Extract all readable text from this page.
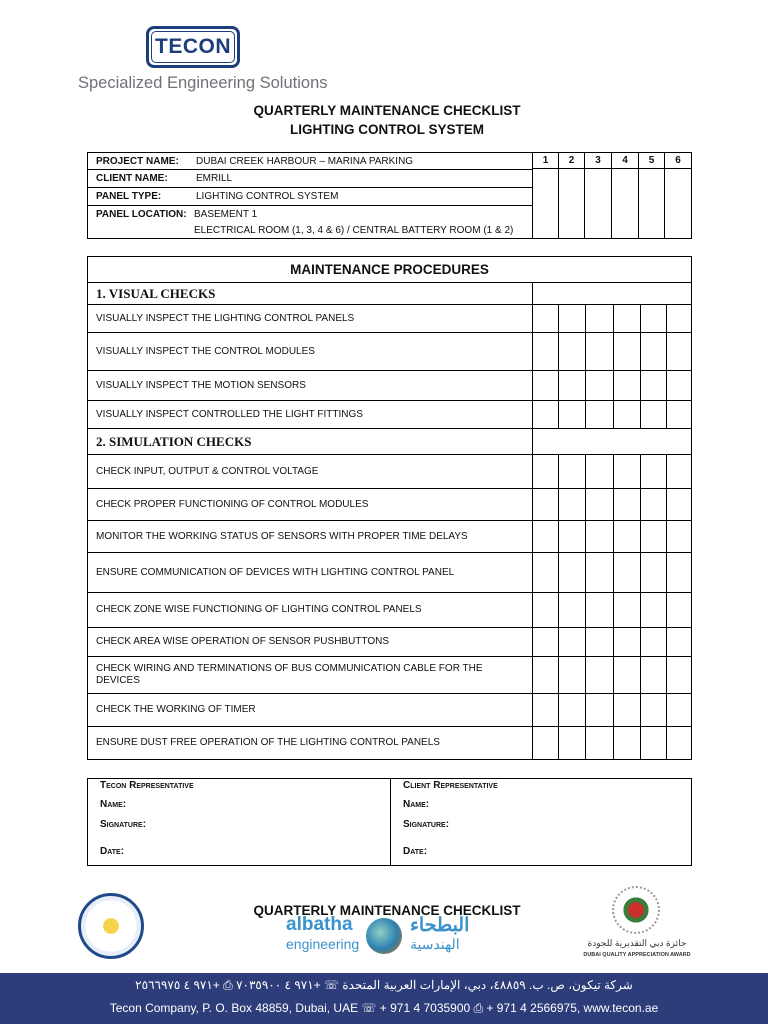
TECON
Specialized Engineering Solutions
QUARTERLY MAINTENANCE CHECKLIST
LIGHTING CONTROL SYSTEM
PROJECT NAME: DUBAI CREEK HARBOUR – MARINA PARKING
CLIENT NAME:	EMRILL
PANEL TYPE:	LIGHTING CONTROL SYSTEM
PANEL LOCATION: BASEMENT 1
ELECTRICAL ROOM (1, 3, 4 & 6) / CENTRAL BATTERY ROOM (1 & 2)
1	2	3	4	5	6
MAINTENANCE PROCEDURES
1. VISUAL CHECKS
VISUALLY INSPECT THE LIGHTING CONTROL PANELS
VISUALLY INSPECT THE CONTROL MODULES
VISUALLY INSPECT THE MOTION SENSORS
VISUALLY INSPECT CONTROLLED THE LIGHT FITTINGS
2. SIMULATION CHECKS
CHECK INPUT, OUTPUT & CONTROL VOLTAGE
CHECK PROPER FUNCTIONING OF CONTROL MODULES
MONITOR THE WORKING STATUS OF SENSORS WITH PROPER TIME DELAYS
ENSURE COMMUNICATION OF DEVICES WITH LIGHTING CONTROL PANEL
CHECK ZONE WISE FUNCTIONING OF LIGHTING CONTROL PANELS
CHECK AREA WISE OPERATION OF SENSOR PUSHBUTTONS
CHECK WIRING AND TERMINATIONS OF BUS COMMUNICATION CABLE FOR THE DEVICES
CHECK THE WORKING OF TIMER
ENSURE DUST FREE OPERATION OF THE LIGHTING CONTROL PANELS
Tecon Representative
Name:
Signature:
Date:
Client Representative
Name:
Signature:
Date:
QUARTERLY MAINTENANCE CHECKLIST
albatha
engineering
البطحاء
الهندسية	جائزة دبي التقديرية للجودة
DUBAI QUALITY APPRECIATION AWARD
شركة تيكون، ص. ب. ٤٨٨٥٩، دبي، الإمارات العربية المتحدة ☏ +٩٧١ ٤ ٧٠٣٥٩٠٠ ⎙ +٩٧١ ٤ ٢٥٦٦٩٧٥
Tecon Company, P. O. Box 48859, Dubai, UAE ☏ + 971 4 7035900 ⎙ + 971 4 2566975, www.tecon.ae
